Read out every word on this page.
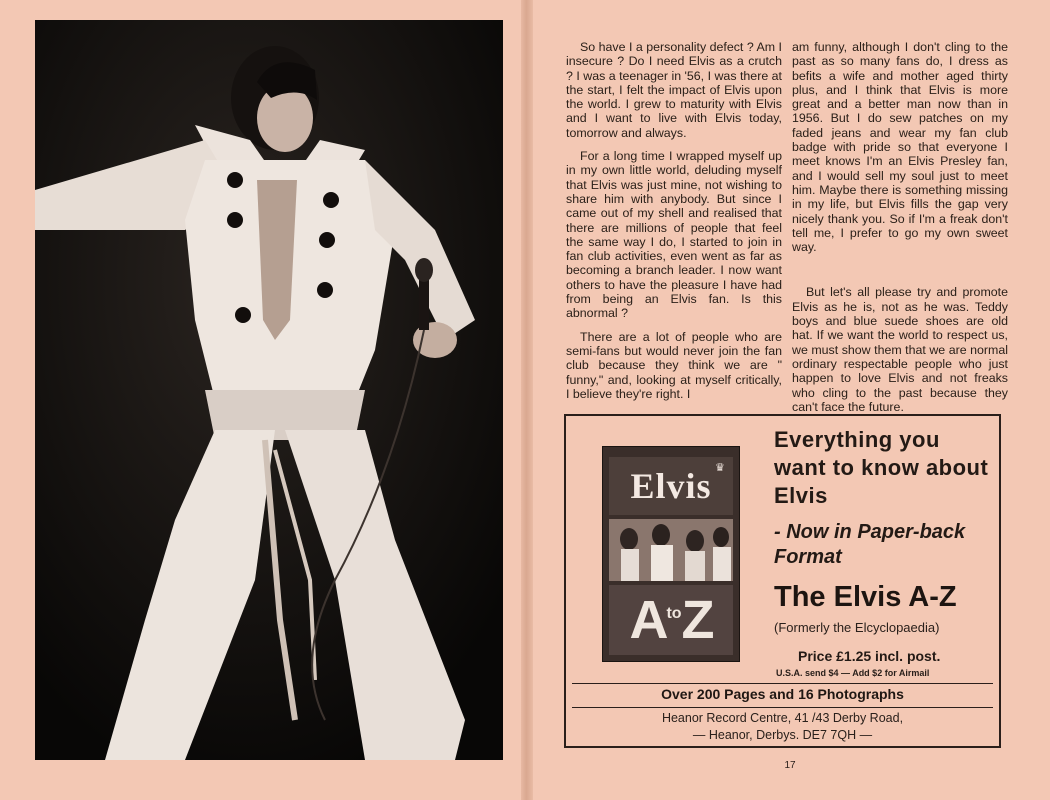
So have I a personality defect ? Am I insecure ? Do I need Elvis as a crutch ? I was a teenager in '56, I was there at the start, I felt the impact of Elvis upon the world. I grew to maturity with Elvis and I want to live with Elvis today, tomorrow and always.

For a long time I wrapped myself up in my own little world, deluding myself that Elvis was just mine, not wishing to share him with anybody. But since I came out of my shell and realised that there are millions of people that feel the same way I do, I started to join in fan club activities, even went as far as becoming a branch leader. I now want others to have the pleasure I have had from being an Elvis fan. Is this abnormal ?

There are a lot of people who are semi-fans but would never join the fan club because they think we are " funny," and, looking at myself critically, I believe they're right. I

am funny, although I don't cling to the past as so many fans do, I dress as befits a wife and mother aged thirty plus, and I think that Elvis is more great and a better man now than in 1956. But I do sew patches on my faded jeans and wear my fan club badge with pride so that everyone I meet knows I'm an Elvis Presley fan, and I would sell my soul just to meet him. Maybe there is something missing in my life, but Elvis fills the gap very nicely thank you. So if I'm a freak don't tell me, I prefer to go my own sweet way.

But let's all please try and promote Elvis as he is, not as he was. Teddy boys and blue suede shoes are old hat. If we want the world to respect us, we must show them that we are normal ordinary respectable people who just happen to love Elvis and not freaks who cling to the past because they can't face the future.

Elvis ♛
$A^{to}Z$
Everything you want to know about Elvis
- Now in Paper-back Format
The Elvis A-Z
(Formerly the Elcyclopaedia)
Price £1.25 incl. post.
U.S.A. send $4 — Add $2 for Airmail
Over 200 Pages and 16 Photographs
Heanor Record Centre, 41 /43 Derby Road,
— Heanor, Derbys. DE7 7QH —
17
